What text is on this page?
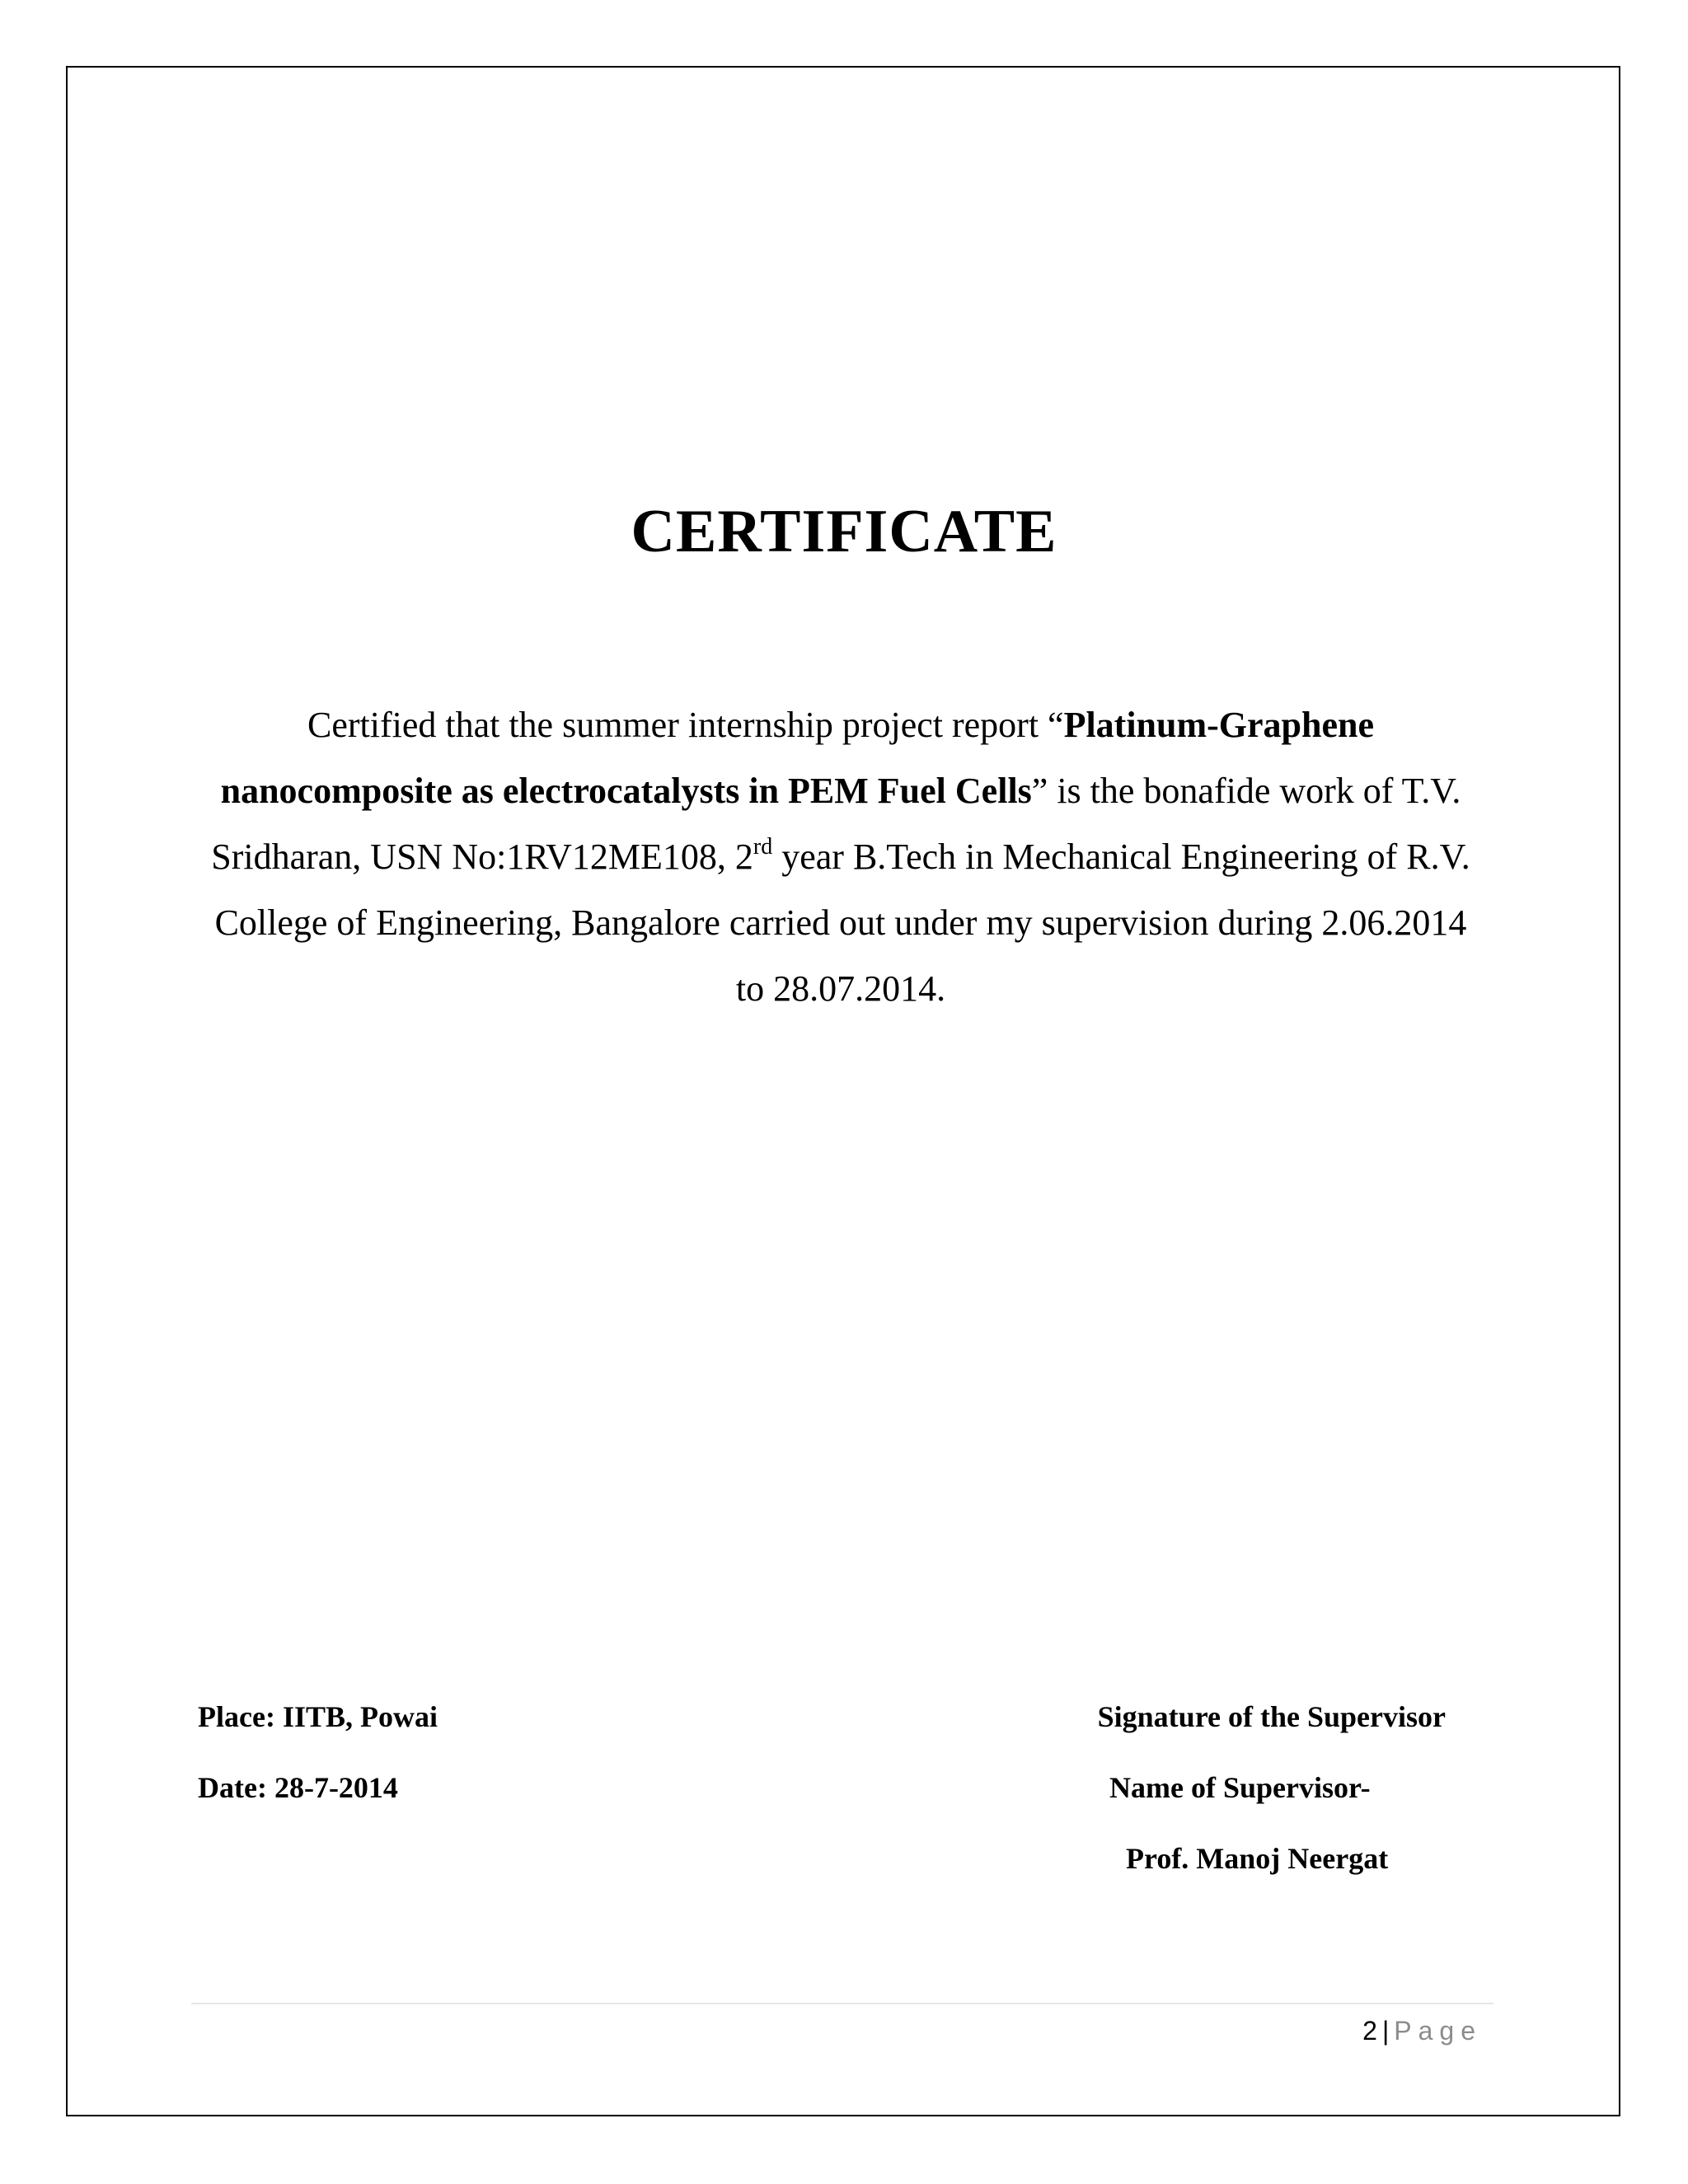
CERTIFICATE
Certified that the summer internship project report “Platinum-Graphene nanocomposite as electrocatalysts in PEM Fuel Cells” is the bonafide work of T.V. Sridharan, USN No:1RV12ME108, 2rd year B.Tech in Mechanical Engineering of R.V. College of Engineering, Bangalore carried out under my supervision during 2.06.2014 to 28.07.2014.
Place: IITB, Powai
Date: 28-7-2014
Signature of the Supervisor
Name of Supervisor-
Prof. Manoj Neergat
2 | Page
